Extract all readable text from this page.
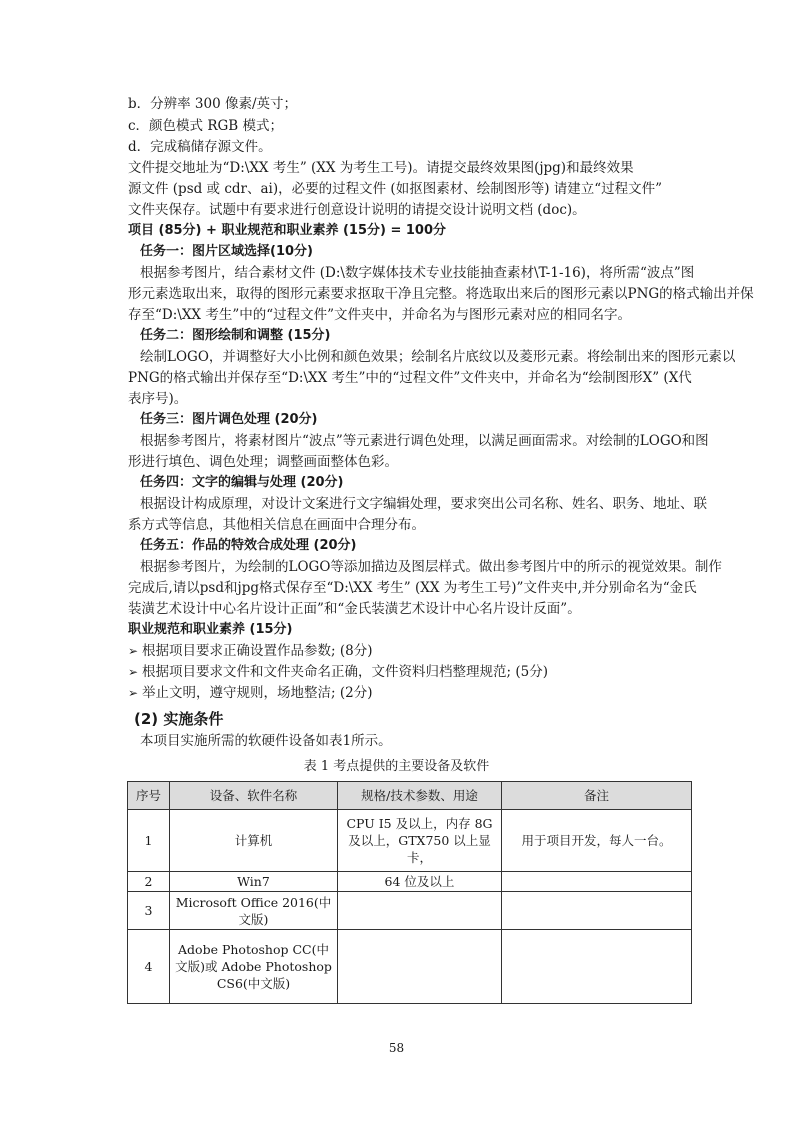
b．分辨率 300 像素/英寸；
c．颜色模式 RGB 模式；
d．完成稿储存源文件。
文件提交地址为“D:\XX 考生” (XX 为考生工号)。请提交最终效果图(jpg)和最终效果
源文件 (psd 或 cdr、ai)，必要的过程文件 (如抠图素材、绘制图形等) 请建立“过程文件”
文件夹保存。试题中有要求进行创意设计说明的请提交设计说明文档 (doc)。
项目 (85分) + 职业规范和职业素养 (15分) = 100分
任务一：图片区域选择(10分)
根据参考图片，结合素材文件 (D:\数字媒体技术专业技能抽查素材\T-1-16)，将所需“波点”图
形元素选取出来，取得的图形元素要求抠取干净且完整。将选取出来后的图形元素以PNG的格式输出并保
存至“D:\XX 考生”中的“过程文件”文件夹中，并命名为与图形元素对应的相同名字。
任务二：图形绘制和调整 (15分)
绘制LOGO，并调整好大小比例和颜色效果；绘制名片底纹以及菱形元素。将绘制出来的图形元素以
PNG的格式输出并保存至“D:\XX 考生”中的“过程文件”文件夹中，并命名为“绘制图形X” (X代
表序号)。
任务三：图片调色处理 (20分)
根据参考图片，将素材图片“波点”等元素进行调色处理，以满足画面需求。对绘制的LOGO和图
形进行填色、调色处理；调整画面整体色彩。
任务四：文字的编辑与处理 (20分)
根据设计构成原理，对设计文案进行文字编辑处理，要求突出公司名称、姓名、职务、地址、联
系方式等信息，其他相关信息在画面中合理分布。
任务五：作品的特效合成处理 (20分)
根据参考图片，为绘制的LOGO等添加描边及图层样式。做出参考图片中的所示的视觉效果。制作
完成后,请以psd和jpg格式保存至“D:\XX 考生” (XX 为考生工号)”文件夹中,并分别命名为“金氏
装潢艺术设计中心名片设计正面”和“金氏装潢艺术设计中心名片设计反面”。
职业规范和职业素养 (15分)
➢ 根据项目要求正确设置作品参数; (8分)
➢ 根据项目要求文件和文件夹命名正确，文件资料归档整理规范; (5分)
➢ 举止文明，遵守规则，场地整洁; (2分)
(2) 实施条件
本项目实施所需的软硬件设备如表1所示。
表 1 考点提供的主要设备及软件
序号	设备、软件名称	规格/技术参数、用途	备注
1	计算机	CPU I5 及以上，内存 8G 及以上，GTX750 以上显卡，	用于项目开发，每人一台。
2	Win7	64 位及以上	
3	Microsoft Office 2016(中文版)		
4	Adobe Photoshop CC(中文版)或 Adobe Photoshop CS6(中文版)		
58
